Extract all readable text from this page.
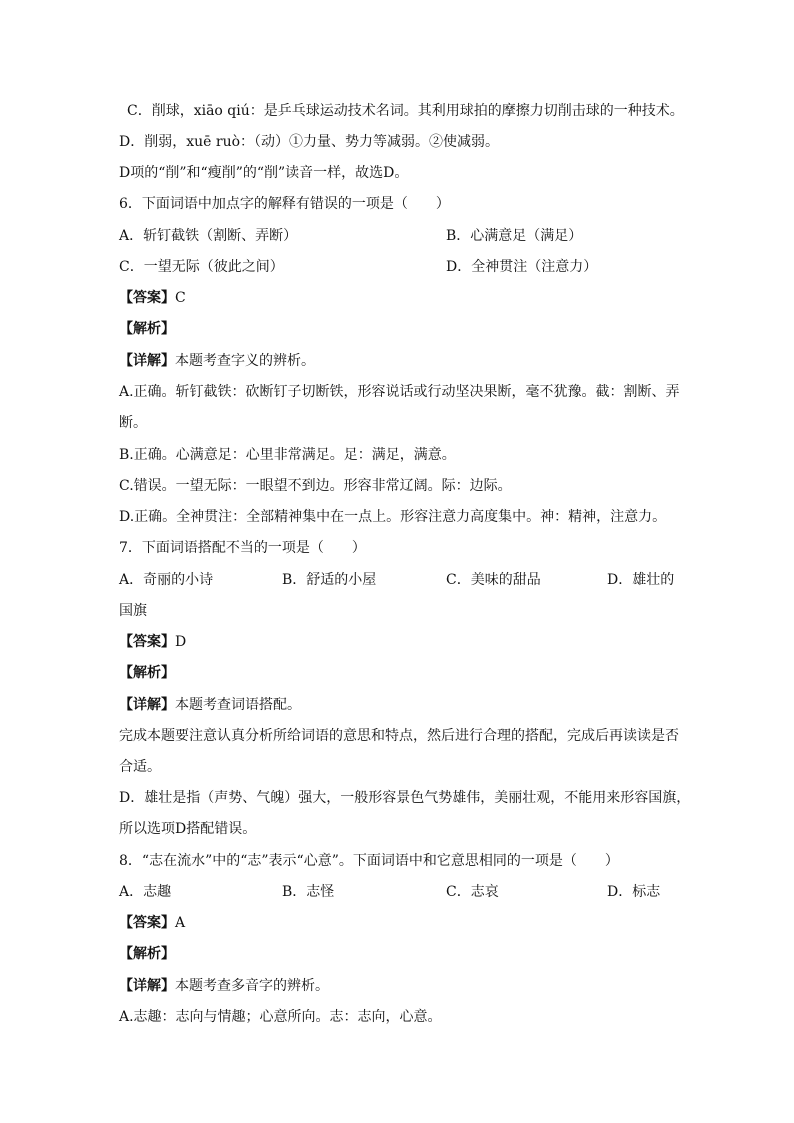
C．削球，xiāo qiú：是乒乓球运动技术名词。其利用球拍的摩擦力切削击球的一种技术。
D．削弱，xuē ruò：（动）①力量、势力等减弱。②使减弱。
D项的“削”和“瘦削”的“削”读音一样，故选D。
6．下面词语中加点字的解释有错误的一项是（　　）
A．斩钉截铁（割断、弄断）	B．心满意足（满足）
C．一望无际（彼此之间）	D．全神贯注（注意力）
【答案】C
【解析】
【详解】本题考查字义的辨析。
A.正确。斩钉截铁：砍断钉子切断铁，形容说话或行动坚决果断，毫不犹豫。截：割断、弄
断。
B.正确。心满意足：心里非常满足。足：满足，满意。
C.错误。一望无际：一眼望不到边。形容非常辽阔。际：边际。
D.正确。全神贯注：全部精神集中在一点上。形容注意力高度集中。神：精神，注意力。
7．下面词语搭配不当的一项是（　　）
A．奇丽的小诗	B．舒适的小屋	C．美味的甜品	D．雄壮的
国旗
【答案】D
【解析】
【详解】本题考查词语搭配。
完成本题要注意认真分析所给词语的意思和特点，然后进行合理的搭配，完成后再读读是否
合适。
D．雄壮是指（声势、气魄）强大，一般形容景色气势雄伟，美丽壮观，不能用来形容国旗，
所以选项D搭配错误。
8．“志在流水”中的“志”表示“心意”。下面词语中和它意思相同的一项是（　　）
A．志趣	B．志怪	C．志哀	D．标志
【答案】A
【解析】
【详解】本题考查多音字的辨析。
A.志趣：志向与情趣；心意所向。志：志向，心意。
